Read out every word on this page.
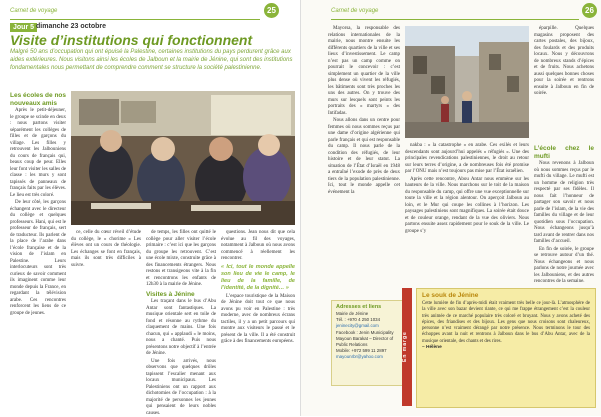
Carnet de voyage	25
Jour 5 dimanche 23 octobre
Visite d’institutions qui fonctionnent

Malgré 50 ans d’occupation qui ont épuisé la Palestine, certaines institutions du pays perdurent grâce aux aides extérieures. Nous visitons ainsi les écoles de Jalboun et la mairie de Jénine, qui sont des institutions fondamentales nous permettant de comprendre comment se structure la société palestinienne.

Les écoles de nos nouveaux amis

Après le petit-déjeuner, le groupe se scinde en deux : nous partons visiter séparément les collèges de filles et de garçons du village. Les filles y retrouvent les Jalbouniens du cours de français qui, beaux coup de peur. Elles leur font visiter les salles de classe : les murs y sont tapissés de panneaux de français faits par les élèves. Le lieu est très coloré.

De leur côté, les garçons échangent avec le directeur du collège et quelques professeurs. Hani, qui est le professeur de français, sert de traducteur. Ils parlent de la place de l’arabe dans l’école française et de la vision de l’islam en Palestine. Leurs interlocuteurs sont très curieux de savoir comment ils imaginent comme leur monde depuis la France, en regardant la télévision arabe. Ces rencontres renforcent les liens de ce groupe de jeunes.

ce, celle du cœur réveil d’étude du collège, le « chorime » Les élèves ont un cours de théologie. Les échanges se font en français, mais ils sont très difficiles à suivre.

de temps, les filles ont quitté le collège pour aller visiter l’école primaire : c’est ici que les garçons du groupe les retrouvent. C’est une école mixte, construite grâce à des financements étrangers. Nous restons et transigeons vite à la fin et rencontrons les enfants de 12h30 à la mairie de Jénine.

Visites à Jénine

Les traçant dans le bus d’Abu Antar sont fantastiques. La musique orientale sert en toile de fond et résonne au rythme du claquement de mains. Une fois chacun, qui « applaudi » le moins, nous a chanté. Puis nous présentons notre objectif à l’entrée de Jénine.

Une fois arrivés, nous observons que quelques drôles tapissent l’escalier menant aux locaux municipaux. Les Palestiniens ont un rapport aux dichotomies de l’occupation : à la majorité de personnes les jeunes qui pensaient de leurs nobles causes.

questions. Jean nous dit que cela évolue au fil des voyages, notamment à Jalboun où nous avons commencé à réellement les rencontrer.

« Ici, tout le monde appelle son lieu de vie le camp, le lieu de la famille, de l’identité, de la dignité… »

L’espace touristique de la Maison de Jénine doit tout ce que nous avons pu voir en Palestine : très moderne, avec de nombreux écrans tactiles, il y a un petit parcours qui montre aux visiteurs le passé et le présent de la ville. Il a été construit grâce à des financements européens.

Carnet de voyage	26

Mayorsa, la responsable des relations internationales de la mairie, nous montre ensuite les différents quartiers de la ville et ses lieux d’investissement. Le camp n’est pas un camp comme on pourrait le concevoir : c’est simplement un quartier de la ville plus dense où vivent les réfugiés, les bâtiments sont très proches les uns des autres. On y trouve des murs sur lesquels sont peints les portraits des « martyrs » des Intifadas.

Nous allons dans un centre pour femmes où nous sommes reçus par une dame d’origine algérienne qui parle français et qui est responsable du camp. Il nous parle de la condition des réfugiés, de leur histoire et de leur statut. La situation de l’État d’Israël en 1948 a entraîné l’exode de près de deux tiers de la population palestinienne. Ici, tout le monde appelle cet événement la

éparpille. Quelques magasins proposent des cartes postales, des bijoux, des foulards et des produits locaux. Nous y découvrons de nombreux stands d’épices et de fruits. Nous achetons aussi quelques bonnes choses pour la soirée et rentrons ensuite à Jalboun en fin de soirée.

nakba : « la catastrophe » en arabe. Ces exilés et leurs descendants sont aujourd’hui appelés « réfugiés ». Une des principales revendications palestiniennes, le droit au retour sur leurs terres d’origine, a de nombreuses fois été promise par l’ONU mais n’est toujours pas mise par l’État israélien.

Après cette rencontre, Abou Antar nous emmène sur les hauteurs de la ville. Nous marchons sur le toit de la maison du responsable du camp, qui offre une vue exceptionnelle sur toute la ville et la région alentour. On aperçoit Jalboun au loin, et le Mur qui coupe les collines à l’horizon. Les paysages palestiniens sont magnifiques. La soirée était douce et de couleur orange, rendant de la vue des oliviers. Nous partons ensuite assez rapidement pour le souk de la ville. Le groupe s’y

L’école chez le mufti

Nous revenons à Jalboun où nous sommes reçus par le mufti du village. Le mufti est un homme de religion très respecté par ses fidèles. Il nous fait l’honneur de partager son savoir et nous parle de l’islam, de la vie des familles du village et de leur quotidien sous l’occupation. Nous échangeons jusqu’à tard avant de rentrer dans nos familles d’accueil.

En fin de soirée, le groupe se retrouve autour d’un thé. Nous échangeons et nous parlons de notre journée avec les Jalbouniens, et des autres rencontres de la semaine.

Adresses et liens
Mairie de Jénine
Tél. : +970 4 250 1034
jeninecity@gmail.com
Facebook : Jenin Municipality
Mayoun Barakat – Director of Public Relations
Mobile: +972 599 11 2897
mayounrbr@yahoo.com	En marge
Le souk de Jénine
Cette lumière de fin d’après-midi était vraiment très belle ce jour-là. L’atmosphère de la ville avec son bazar devient riante, ce qui me frappe étrangement c’est la couleur très animée de ce marché populaire très coloré et bruyant. Nous y avons acheté des épices, des friandises et des bijoux. Les gens que nous croisons sont chaleureux, personne n’est vraiment dérangé par notre présence. Nous terminons le tour des échoppes avant la nuit et rentrons à Jalboun dans le bus d’Abu Antar, avec de la musique orientale, des chants et des rires.
– Hélène
